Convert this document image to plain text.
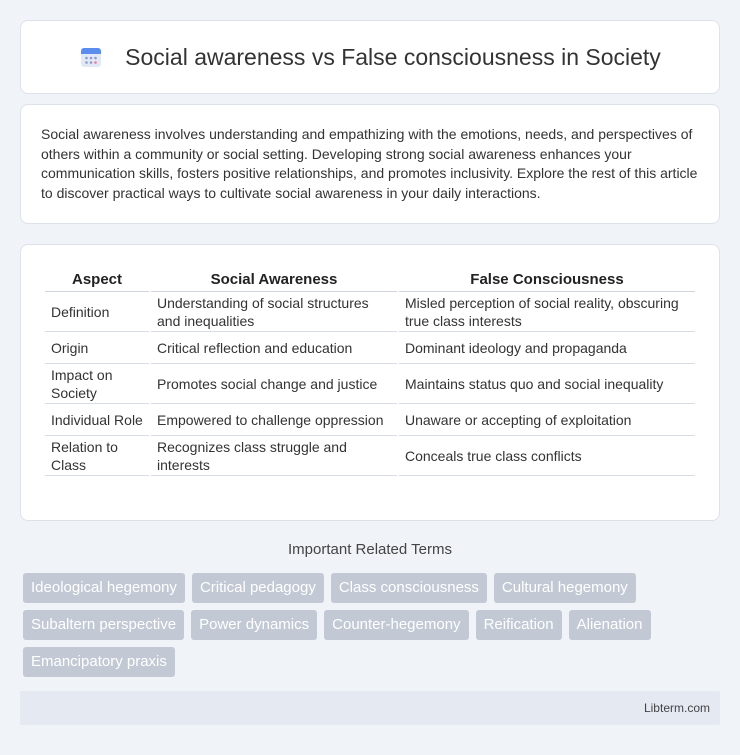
Social awareness vs False consciousness in Society

Social awareness involves understanding and empathizing with the emotions, needs, and perspectives of others within a community or social setting. Developing strong social awareness enhances your communication skills, fosters positive relationships, and promotes inclusivity. Explore the rest of this article to discover practical ways to cultivate social awareness in your daily interactions.

Aspect	Social Awareness	False Consciousness
Definition	Understanding of social structures and inequalities	Misled perception of social reality, obscuring true class interests
Origin	Critical reflection and education	Dominant ideology and propaganda
Impact on Society	Promotes social change and justice	Maintains status quo and social inequality
Individual Role	Empowered to challenge oppression	Unaware or accepting of exploitation
Relation to Class	Recognizes class struggle and interests	Conceals true class conflicts
Important Related Terms
Ideological hegemony	Critical pedagogy	Class consciousness	Cultural hegemony
Subaltern perspective	Power dynamics	Counter-hegemony	Reification	Alienation
Emancipatory praxis
Libterm.com
